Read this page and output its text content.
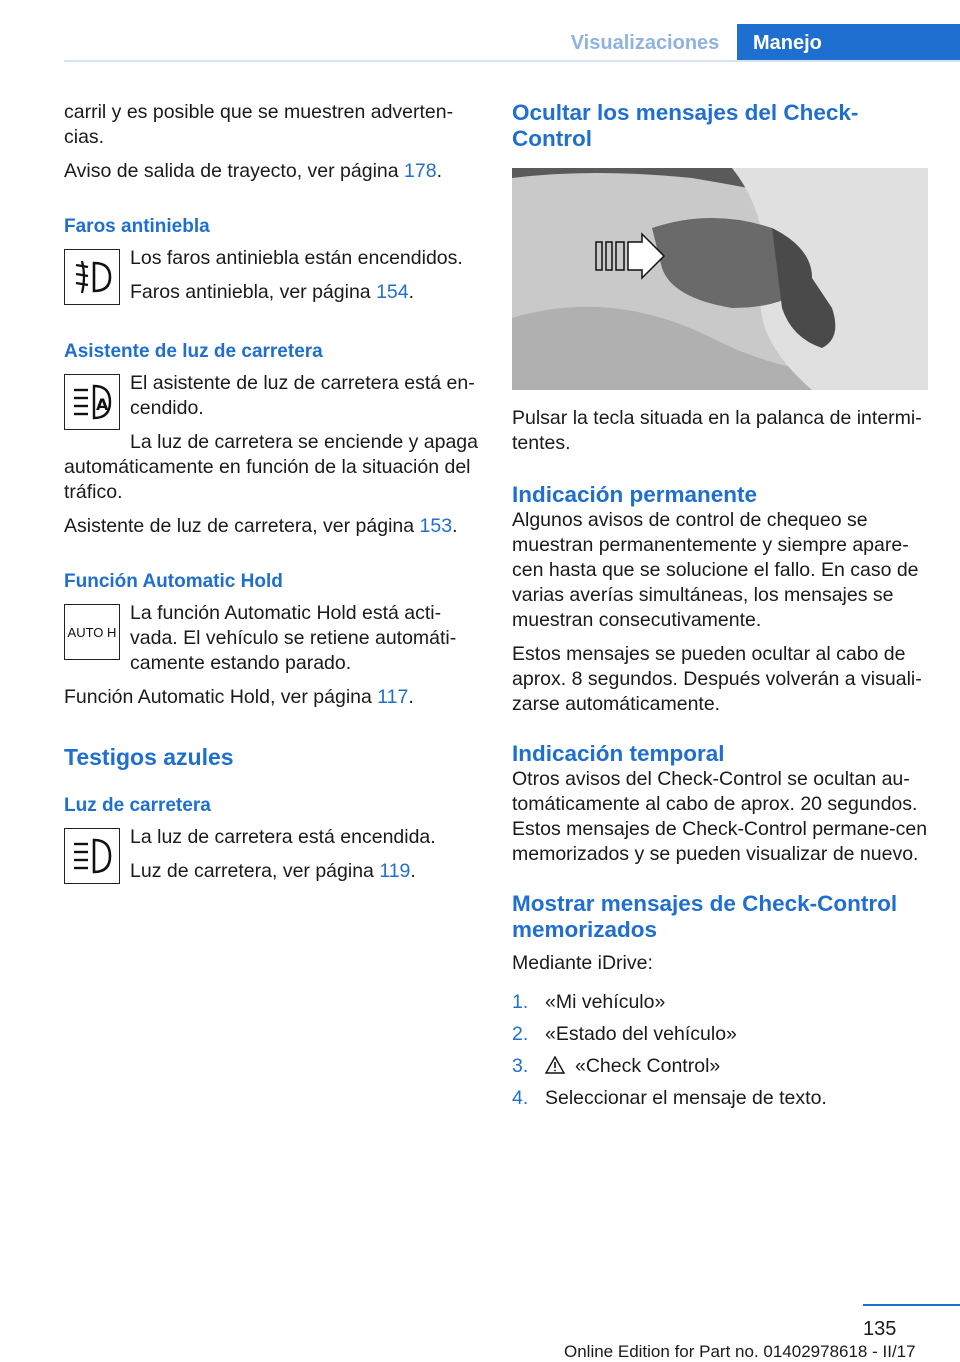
Visualizaciones	Manejo

carril y es posible que se muestren adverten‐cias.

Aviso de salida de trayecto, ver página 178.

Faros antiniebla

Los faros antiniebla están encendidos.

Faros antiniebla, ver página 154.

Asistente de luz de carretera
A

El asistente de luz de carretera está en‐cendido.

La luz de carretera se enciende y apaga automáticamente en función de la situación del tráfico.

Asistente de luz de carretera, ver página 153.

Función Automatic Hold
AUTO H

La función Automatic Hold está acti‐vada. El vehículo se retiene automáti‐camente estando parado.

Función Automatic Hold, ver página 117.

Testigos azules
Luz de carretera

La luz de carretera está encendida.

Luz de carretera, ver página 119.

Ocultar los mensajes del Check-Control

Pulsar la tecla situada en la palanca de intermi‐tentes.

Indicación permanente

Algunos avisos de control de chequeo se muestran permanentemente y siempre apare‐cen hasta que se solucione el fallo. En caso de varias averías simultáneas, los mensajes se muestran consecutivamente.

Estos mensajes se pueden ocultar al cabo de aprox. 8 segundos. Después volverán a visuali‐zarse automáticamente.

Indicación temporal

Otros avisos del Check-Control se ocultan au‐tomáticamente al cabo de aprox. 20 segundos. Estos mensajes de Check-Control permane‐cen memorizados y se pueden visualizar de nuevo.

Mostrar mensajes de Check-Control memorizados

Mediante iDrive:

1. «Mi vehículo»
2. «Estado del vehículo»
3.	«Check Control»
4. Seleccionar el mensaje de texto.
135
Online Edition for Part no. 01402978618 - II/17
